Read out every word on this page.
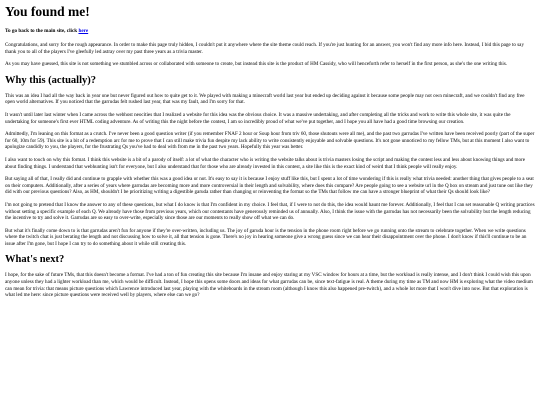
You found me!
To go back to the main site, click here

Congratulations, and sorry for the rough appearance. In order to make this page truly hidden, I couldn't put it anywhere where the site theme could reach. If you're just hunting for an answer, you won't find any more info here. Instead, I bid this page to say thank you to all of the players I've gleefully led astray over my past three years as a trivia master.

As you may have guessed, this site is not something we stumbled across or collaborated with someone to create, but instead this site is the product of HM Cassidy, who will henceforth refer to herself in the first person, as she's the one writing this.

Why this (actually)?

This was an idea I had all the way back in year one but never figured out how to quite get to it. We played with making a minecraft world last year but ended up deciding against it because some people may not own minecraft, and we couldn't find any free open world alternatives. If you noticed that the garrudas felt rushed last year, that was my fault, and I'm sorry for that.

It wasn't until later last winter when I came across the webhost neocities that I realized a website for this idea was the obvious choice. It was a massive undertaking, and after completing all the tricks and work to write this whole site, it was quite the undertaking for someone's first ever HTML coding adventure. As of writing this the night before the contest, I am so incredibly proud of what we've put together, and I hope you all have had a good time browsing our creation.

Admittedly, I'm leaning on this format as a crutch. I've never been a good question writer (if you remember FNAF 2 hour or Soup hour from triv 60, those shutouts were all me), and the past two garrudas I've written have been received poorly (part of the super for 60, 10m for 59). This site is a bit of a redemption arc for me to prove that I can still make trivia fun despite my lack ability to write consistently enjoyable and solvable questions. It's not gone unnoticed to my fellow TMs, but at this moment I also want to apologize candidly to you, the players, for the frustrating Qs you've had to deal with from me in the past two years. Hopefully this year was better.

I also want to touch on why this format. I think this website is a bit of a parody of itself: a lot of what the character who is writing the website talks about is trivia masters losing the script and making the contest less and less about knowing things and more about finding things. I understand that webhunting isn't for everyone, but I also understand that for those who are already invested in this contest, a site like this is the exact kind of weird that I think people will really enjoy.

But saying all of that, I really did and continue to grapple with whether this was a good idea or not. It's easy to say it is because I enjoy stuff like this, but I spent a lot of time wondering if this is really what trivia needed: another thing that gives people to a seat on their computers. Additionally, after a series of years where garrudas are becoming more and more controversial in their length and solvability, where does this compare? Are people going to see a website url in the Q box on stream and just tune out like they did with our previous questions? Also, as HM, shouldn't I be prioritizing writing a digestible garuda rather than changing or reinventing the format so the TMs that follow me can have a stronger blueprint of what their Qs should look like?

I'm not going to pretend that I know the answer to any of these questions, but what I do know is that I'm confident in my choice. I feel that, if I were to not do this, the idea would haunt me forever. Additionally, I feel that I can set reasonable Q writing practices without setting a specific example of each Q. We already have those from previous years, which our contestants have generously reminded us of annually. Also, I think the issue with the garrudas has not necessarily been the solvability but the length reducing the incentive to try and solve it. Garrudas are so easy to over-write, especially since those are our moments to really show off what we can do.

But what it's finally come down to is that garrudas aren't fun for anyone if they're over-written, including us. The joy of garuda hour is the tension in the phone room right before we go running onto the stream to celebrate together. When we write questions where the twitch chat is just berating the length and not discussing how to solve it, all that tension is gone. There's no joy in hearing someone give a wrong guess since we can hear their disappointment over the phone. I don't know if this'll continue to be an issue after I'm gone, but I hope I can try to do something about it while still creating this.

What's next?

I hope, for the sake of future TMs, that this doesn't become a format. I've had a ton of fun creating this site because I'm insane and enjoy staring at my VSC window for hours at a time, but the workload is really intense, and I don't think I could wish this upon anyone unless they had a lighter workload than me, which would be difficult. Instead, I hope this opens some doors and ideas for what garrudas can be, since text-fatigue is real. A theme during my time as TM and now HM is exploring what the video medium can mean for trivia: that means picture questions which Lawrence introduced last year, playing with the whiteboards in the stream room (although I know this also happened pre-twitch), and a whole lot more that I won't dive into now. But that exploration is what led me here: since picture questions were received well by players, where else can we go?
